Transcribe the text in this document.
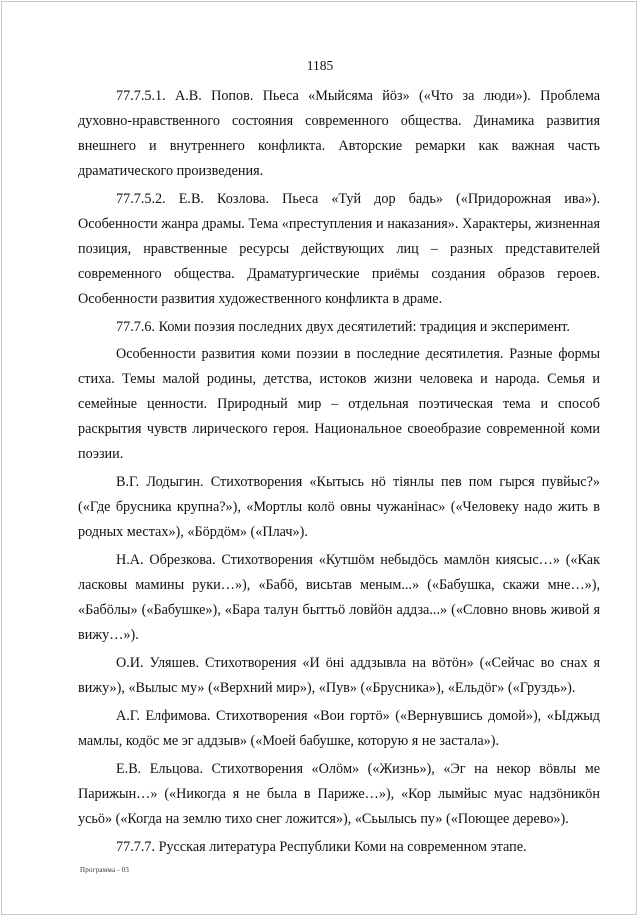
1185

77.7.5.1. А.В. Попов. Пьеса «Мыйсяма йӧз» («Что за люди»). Проблема духовно-нравственного состояния современного общества. Динамика развития внешнего и внутреннего конфликта. Авторские ремарки как важная часть драматического произведения.

77.7.5.2. Е.В. Козлова. Пьеса «Туй дор бадь» («Придорожная ива»). Особенности жанра драмы. Тема «преступления и наказания». Характеры, жизненная позиция, нравственные ресурсы действующих лиц – разных представителей современного общества. Драматургические приёмы создания образов героев. Особенности развития художественного конфликта в драме.

77.7.6. Коми поэзия последних двух десятилетий: традиция и эксперимент.

Особенности развития коми поэзии в последние десятилетия. Разные формы стиха. Темы малой родины, детства, истоков жизни человека и народа. Семья и семейные ценности. Природный мир – отдельная поэтическая тема и способ раскрытия чувств лирического героя. Национальное своеобразие современной коми поэзии.

В.Г. Лодыгин. Стихотворения «Кытысь нӧ тiянлы пев пом гырся пувйыс?» («Где брусника крупна?»), «Мортлы колӧ овны чужанiнас» («Человеку надо жить в родных местах»), «Бӧрдӧм» («Плач»).

Н.А. Обрезкова. Стихотворения «Кутшӧм небыдӧсь мамлӧн киясыс…» («Как ласковы мамины руки…»), «Бабӧ, висьтав меным...» («Бабушка, скажи мне…»), «Бабӧлы» («Бабушке»), «Бара талун быттьӧ ловйӧн аддза...» («Словно вновь живой я вижу…»).

О.И. Уляшев. Стихотворения «И ӧнi аддзывла на вӧтӧн» («Сейчас во снах я вижу»), «Вылыс му» («Верхний мир»), «Пув» («Брусника»), «Ельдӧг» («Груздь»).

А.Г. Елфимова. Стихотворения «Вои гортӧ» («Вернувшись домой»), «Ыджыд мамлы, кодӧс ме эг аддзыв» («Моей бабушке, которую я не застала»).

Е.В. Ельцова. Стихотворения «Олӧм» («Жизнь»), «Эг на некор вӧвлы ме Парижын…» («Никогда я не была в Париже…»), «Кор лымйыс муас надзӧникӧн усьӧ» («Когда на землю тихо снег ложится»), «Сьылысь пу» («Поющее дерево»).

77.7.7. Русская литература Республики Коми на современном этапе.

Программа - 03
